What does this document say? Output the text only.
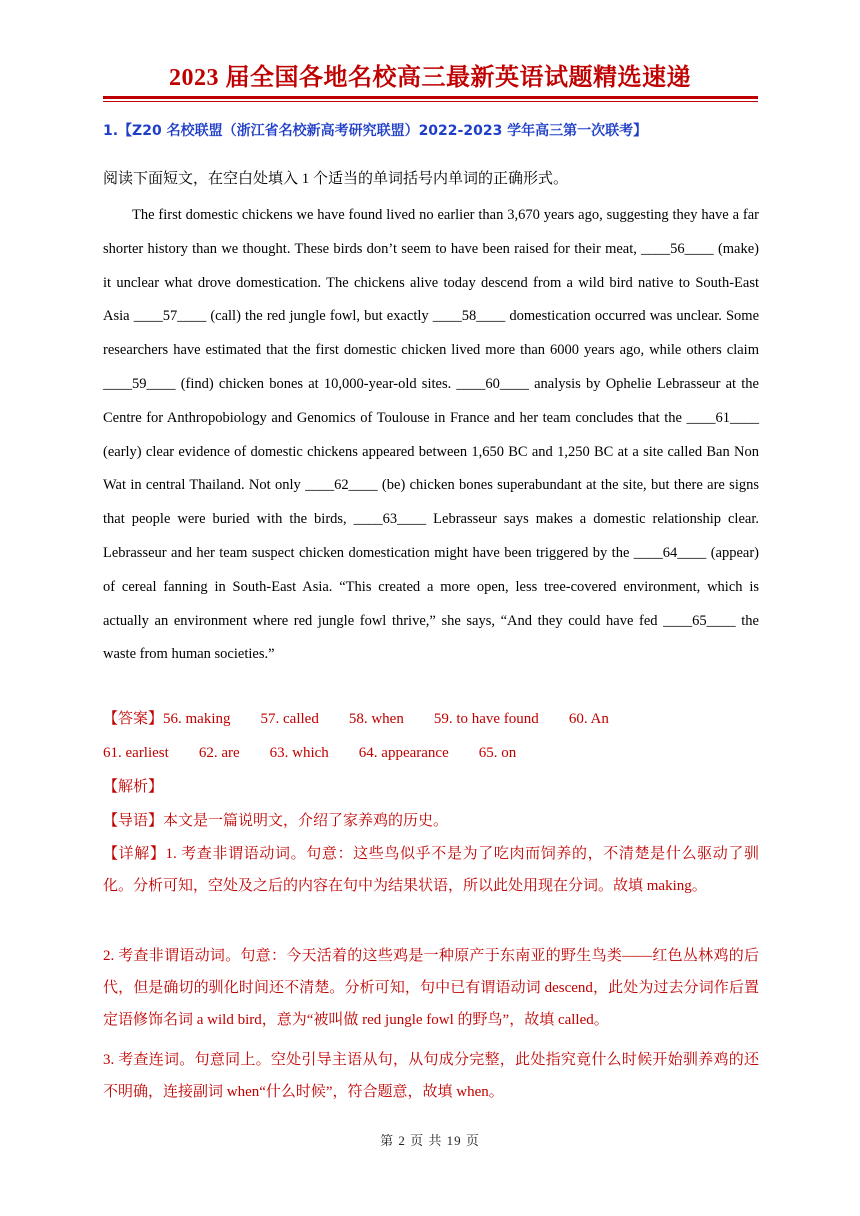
2023 届全国各地名校高三最新英语试题精选速递
1.【Z20 名校联盟（浙江省名校新高考研究联盟）2022-2023 学年高三第一次联考】
阅读下面短文，在空白处填入 1 个适当的单词括号内单词的正确形式。

The first domestic chickens we have found lived no earlier than 3,670 years ago, suggesting they have a far shorter history than we thought. These birds don’t seem to have been raised for their meat, ____56____ (make) it unclear what drove domestication. The chickens alive today descend from a wild bird native to South-East Asia ____57____ (call) the red jungle fowl, but exactly ____58____ domestication occurred was unclear. Some researchers have estimated that the first domestic chicken lived more than 6000 years ago, while others claim ____59____ (find) chicken bones at 10,000-year-old sites. ____60____ analysis by Ophelie Lebrasseur at the Centre for Anthropobiology and Genomics of Toulouse in France and her team concludes that the ____61____ (early) clear evidence of domestic chickens appeared between 1,650 BC and 1,250 BC at a site called Ban Non Wat in central Thailand. Not only ____62____ (be) chicken bones superabundant at the site, but there are signs that people were buried with the birds, ____63____ Lebrasseur says makes a domestic relationship clear. Lebrasseur and her team suspect chicken domestication might have been triggered by the ____64____ (appear) of cereal fanning in South-East Asia. “This created a more open, less tree-covered environment, which is actually an environment where red jungle fowl thrive,” she says, “And they could have fed ____65____ the waste from human societies.”

【答案】56. making 57. called 58. when 59. to have found 60. An
61. earliest 62. are 63. which 64. appearance 65. on
【解析】
【导语】本文是一篇说明文，介绍了家养鸡的历史。

【详解】1. 考查非谓语动词。句意：这些鸟似乎不是为了吃肉而饲养的，不清楚是什么驱动了驯化。分析可知，空处及之后的内容在句中为结果状语，所以此处用现在分词。故填 making。

2. 考查非谓语动词。句意：今天活着的这些鸡是一种原产于东南亚的野生鸟类——红色丛林鸡的后代，但是确切的驯化时间还不清楚。分析可知，句中已有谓语动词 descend，此处为过去分词作后置定语修饰名词 a wild bird，意为“被叫做 red jungle fowl 的野鸟”，故填 called。

3. 考查连词。句意同上。空处引导主语从句，从句成分完整，此处指究竟什么时候开始驯养鸡的还不明确，连接副词 when“什么时候”，符合题意，故填 when。

第 2 页 共 19 页
